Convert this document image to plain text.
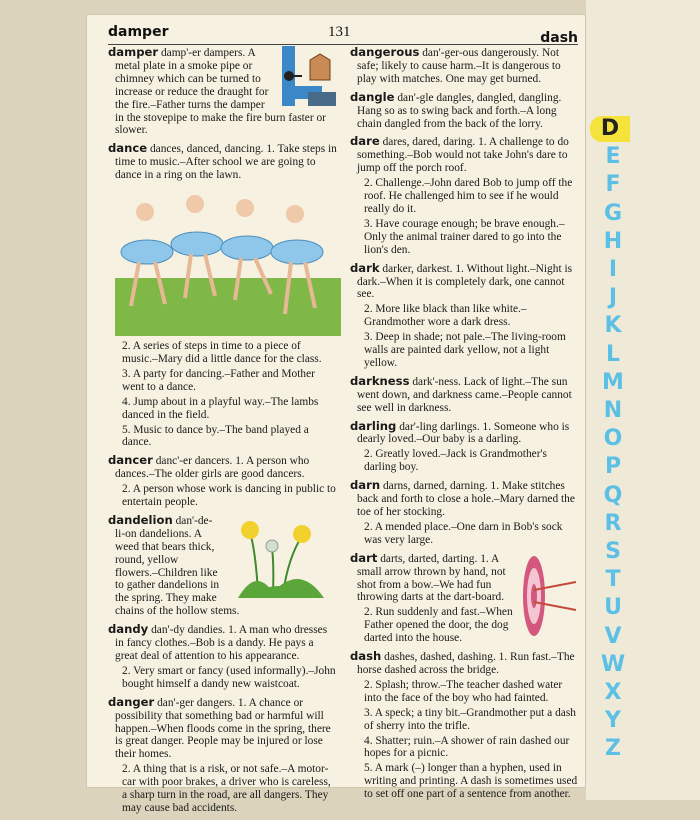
damper	131	dash
damper damp'-er dampers. A metal plate in a smoke pipe or chimney which can be turned to increase or reduce the draught for the fire.–Father turns the damper in the stovepipe to make the fire burn faster or slower.
dance dances, danced, dancing. 1. Take steps in time to music.–After school we are going to dance in a ring on the lawn.
2. A series of steps in time to a piece of music.–Mary did a little dance for the class.
3. A party for dancing.–Father and Mother went to a dance.
4. Jump about in a playful way.–The lambs danced in the field.
5. Music to dance by.–The band played a dance.
dancer danc'-er dancers. 1. A person who dances.–The older girls are good dancers.
2. A person whose work is dancing in public to entertain people.
dandelion dan'-de-li-on dandelions. A weed that bears thick, round, yellow flowers.–Children like to gather dandelions in the spring. They make chains of the hollow stems.
dandy dan'-dy dandies. 1. A man who dresses in fancy clothes.–Bob is a dandy. He pays a great deal of attention to his appearance.
2. Very smart or fancy (used informally).–John bought himself a dandy new waistcoat.
danger dan'-ger dangers. 1. A chance or possibility that something bad or harmful will happen.–When floods come in the spring, there is great danger. People may be injured or lose their homes.
2. A thing that is a risk, or not safe.–A motor-car with poor brakes, a driver who is careless, a sharp turn in the road, are all dangers. They may cause bad accidents.
dangerous dan'-ger-ous dangerously. Not safe; likely to cause harm.–It is dangerous to play with matches. One may get burned.
dangle dan'-gle dangles, dangled, dangling. Hang so as to swing back and forth.–A long chain dangled from the back of the lorry.
dare dares, dared, daring. 1. A challenge to do something.–Bob would not take John's dare to jump off the porch roof.
2. Challenge.–John dared Bob to jump off the roof. He challenged him to see if he would really do it.
3. Have courage enough; be brave enough.–Only the animal trainer dared to go into the lion's den.
dark darker, darkest. 1. Without light.–Night is dark.–When it is completely dark, one cannot see.
2. More like black than like white.–Grandmother wore a dark dress.
3. Deep in shade; not pale.–The living-room walls are painted dark yellow, not a light yellow.
darkness dark'-ness. Lack of light.–The sun went down, and darkness came.–People cannot see well in darkness.
darling dar'-ling darlings. 1. Someone who is dearly loved.–Our baby is a darling.
2. Greatly loved.–Jack is Grandmother's darling boy.
darn darns, darned, darning. 1. Make stitches back and forth to close a hole.–Mary darned the toe of her stocking.
2. A mended place.–One darn in Bob's sock was very large.
dart darts, darted, darting. 1. A small arrow thrown by hand, not shot from a bow.–We had fun throwing darts at the dart-board.
2. Run suddenly and fast.–When Father opened the door, the dog darted into the house.
dash dashes, dashed, dashing. 1. Run fast.–The horse dashed across the bridge.
2. Splash; throw.–The teacher dashed water into the face of the boy who had fainted.
3. A speck; a tiny bit.–Grandmother put a dash of sherry into the trifle.
4. Shatter; ruin.–A shower of rain dashed our hopes for a picnic.
5. A mark (–) longer than a hyphen, used in writing and printing. A dash is sometimes used to set off one part of a sentence from another.
D
E
F
G
H
I
J
K
L
M
N
O
P
Q
R
S
T
U
V
W
X
Y
Z
